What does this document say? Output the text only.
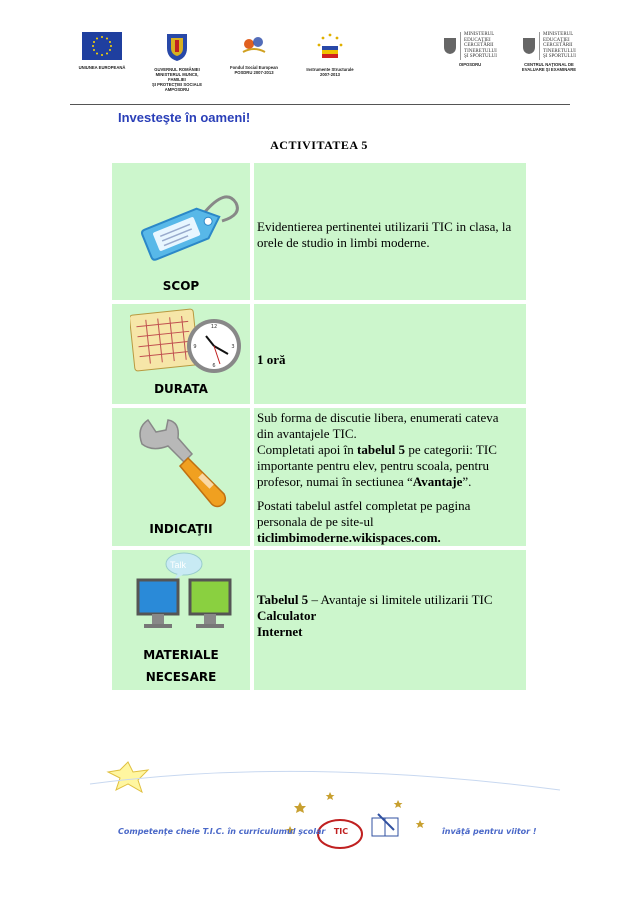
UNIUNEA EUROPEANĂ	GUVERNUL ROMÂNIEI
MINISTERUL MUNCII, FAMILIEI
ŞI PROTECŢIEI SOCIALE
AMPOSDRU
Fondul Social European
POSDRU 2007-2013
Instrumente Structurale
2007-2013
MINISTERUL
EDUCAŢIEI
CERCETĂRII
TINERETULUI
ŞI SPORTULUI
OIPOSDRU
MINISTERUL
EDUCAŢIEI
CERCETĂRII
TINERETULUI
ŞI SPORTULUI
CENTRUL NAŢIONAL DE
EVALUARE ŞI EXAMINARE
Investeşte în oameni!
ACTIVITATEA 5
SCOP
Evidentierea pertinentei utilizarii TIC in clasa, la orele de studio in limbi moderne.
12
3
6
9
DURATA
1 oră
INDICAŢII
Sub forma de discutie libera, enumerati cateva din avantajele TIC.
Completati apoi în tabelul 5 pe categorii: TIC importante pentru elev, pentru scoala, pentru profesor, numai în sectiunea “Avantaje”.
Postati tabelul astfel completat pe pagina personala de pe site-ul ticlimbimoderne.wikispaces.com.
Talk
MATERIALE
NECESARE
Tabelul 5 – Avantaje si limitele utilizarii TIC
Calculator
Internet
Competenţe cheie T.I.C. în curriculumul şcolar	TIC	învăţă pentru viitor !
